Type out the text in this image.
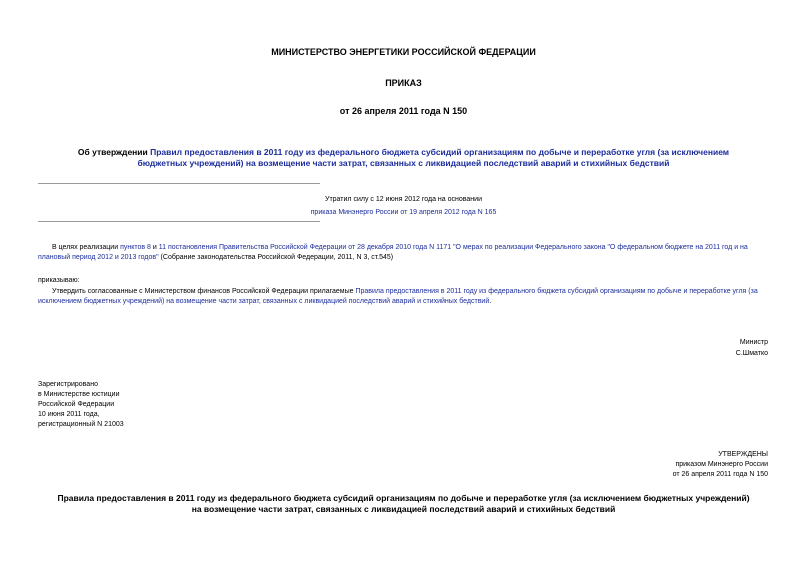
МИНИСТЕРСТВО ЭНЕРГЕТИКИ РОССИЙСКОЙ ФЕДЕРАЦИИ
ПРИКАЗ
от 26 апреля 2011 года N 150
Об утверждении Правил предоставления в 2011 году из федерального бюджета субсидий организациям по добыче и переработке угля (за исключением
бюджетных учреждений) на возмещение части затрат, связанных с ликвидацией последствий аварий и стихийных бедствий

Утратил силу с 12 июня 2012 года на основании

приказа Минэнерго России от 19 апреля 2012 года N 165

В целях реализации пунктов 8 и 11 постановления Правительства Российской Федерации от 28 декабря 2010 года N 1171 "О мерах по реализации Федерального закона "О федеральном бюджете на 2011 год и на плановый период 2012 и 2013 годов" (Собрание законодательства Российской Федерации, 2011, N 3, ст.545)
приказываю:
Утвердить согласованные с Министерством финансов Российской Федерации прилагаемые Правила предоставления в 2011 году из федерального бюджета субсидий организациям по добыче и переработке угля (за исключением бюджетных учреждений) на возмещение части затрат, связанных с ликвидацией последствий аварий и стихийных бедствий.

Министр

С.Шматко

Зарегистрировано

в Министерстве юстиции

Российской Федерации

10 июня 2011 года,

регистрационный N 21003

УТВЕРЖДЕНЫ

приказом Минэнерго России

от 26 апреля 2011 года N 150

Правила предоставления в 2011 году из федерального бюджета субсидий организациям по добыче и переработке угля (за исключением бюджетных учреждений)

на возмещение части затрат, связанных с ликвидацией последствий аварий и стихийных бедствий
